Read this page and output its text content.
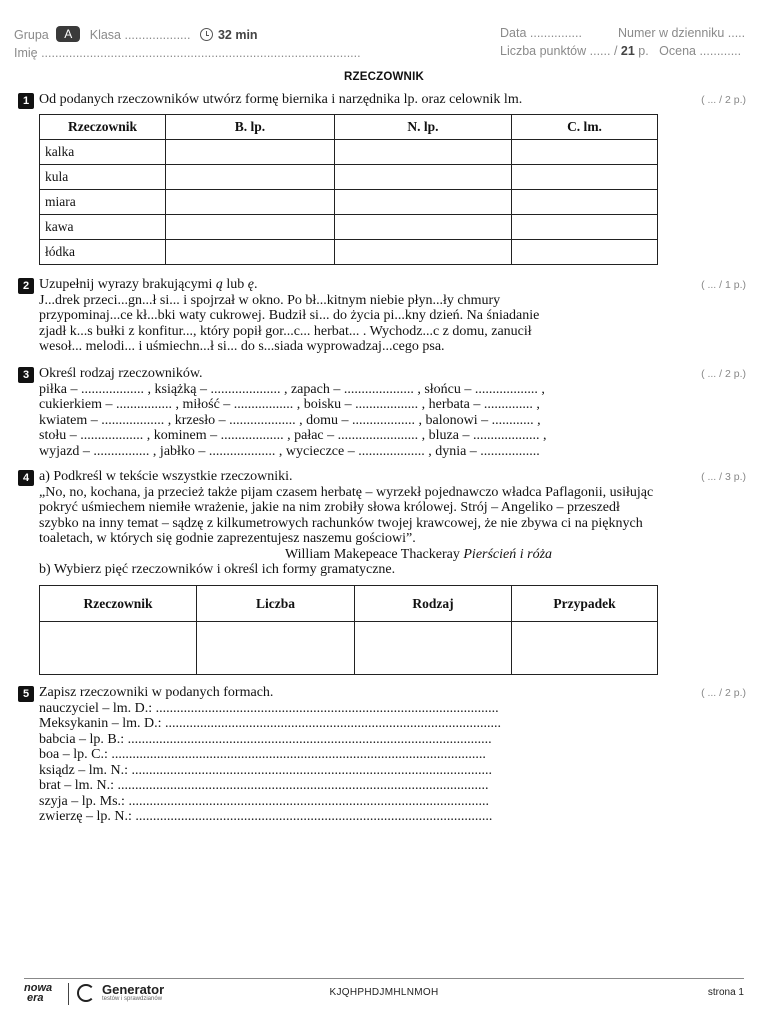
Grupa A Klasa ................... 32 min
Imię ............................................................................................
Data ...............	Numer w dzienniku .....
Liczba punktów ...... / 21 p. Ocena ............
RZECZOWNIK
1 Od podanych rzeczowników utwórz formę biernika i narzędnika lp. oraz celownik lm.	( ... / 2 p.)
Rzeczownik	B. lp.	N. lp.	C. lm.
kalka			
kula			
miara			
kawa			
łódka			
2 Uzupełnij wyrazy brakującymi ą lub ę.	( ... / 1 p.)
J...drek przeci...gn...ł si... i spojrzał w okno. Po bł...kitnym niebie płyn...ły chmury
przypominaj...ce kł...bki waty cukrowej. Budził si... do życia pi...kny dzień. Na śniadanie
zjadł k...s bułki z konfitur..., który popił gor...c... herbat... . Wychodz...c z domu, zanucił
wesoł... melodi... i uśmiechn...ł si... do s...siada wyprowadzaj...cego psa.
3 Określ rodzaj rzeczowników.	( ... / 2 p.)
piłka – .................. , książką – .................... , zapach – .................... , słońcu – .................. ,
cukierkiem – ................ , miłość – ................. , boisku – .................. , herbata – .............. ,
kwiatem – .................. , krzesło – ................... , domu – .................. , balonowi – ............ ,
stołu – .................. , kominem – .................. , pałac – ....................... , bluza – ................... ,
wyjazd – ................ , jabłko – ................... , wycieczce – ................... , dynia – .................
4 a) Podkreśl w tekście wszystkie rzeczowniki.	( ... / 3 p.)
„No, no, kochana, ja przecież także pijam czasem herbatę – wyrzekł pojednawczo władca Paflagonii, usiłując
pokryć uśmiechem niemiłe wrażenie, jakie na nim zrobiły słowa królowej. Strój – Angeliko – przeszedł
szybko na inny temat – sądzę z kilkumetrowych rachunków twojej krawcowej, że nie zbywa ci na pięknych
toaletach, w których się godnie zaprezentujesz naszemu gościowi”.
William Makepeace Thackeray Pierścień i róża
b) Wybierz pięć rzeczowników i określ ich formy gramatyczne.
Rzeczownik	Liczba	Rodzaj	Przypadek

5 Zapisz rzeczowniki w podanych formach.	( ... / 2 p.)
nauczyciel – lm. D.: ..................................................................................................
Meksykanin – lm. D.: ................................................................................................
babcia – lp. B.: ........................................................................................................
boa – lp. C.: ...........................................................................................................
ksiądz – lm. N.: .......................................................................................................
brat – lm. N.: ..........................................................................................................
szyja – lp. Ms.: .......................................................................................................
zwierzę – lp. N.: ......................................................................................................
nowa
era
Generator
testów i sprawdzianów
KJQHPHDJMHLNMOH	strona 1
